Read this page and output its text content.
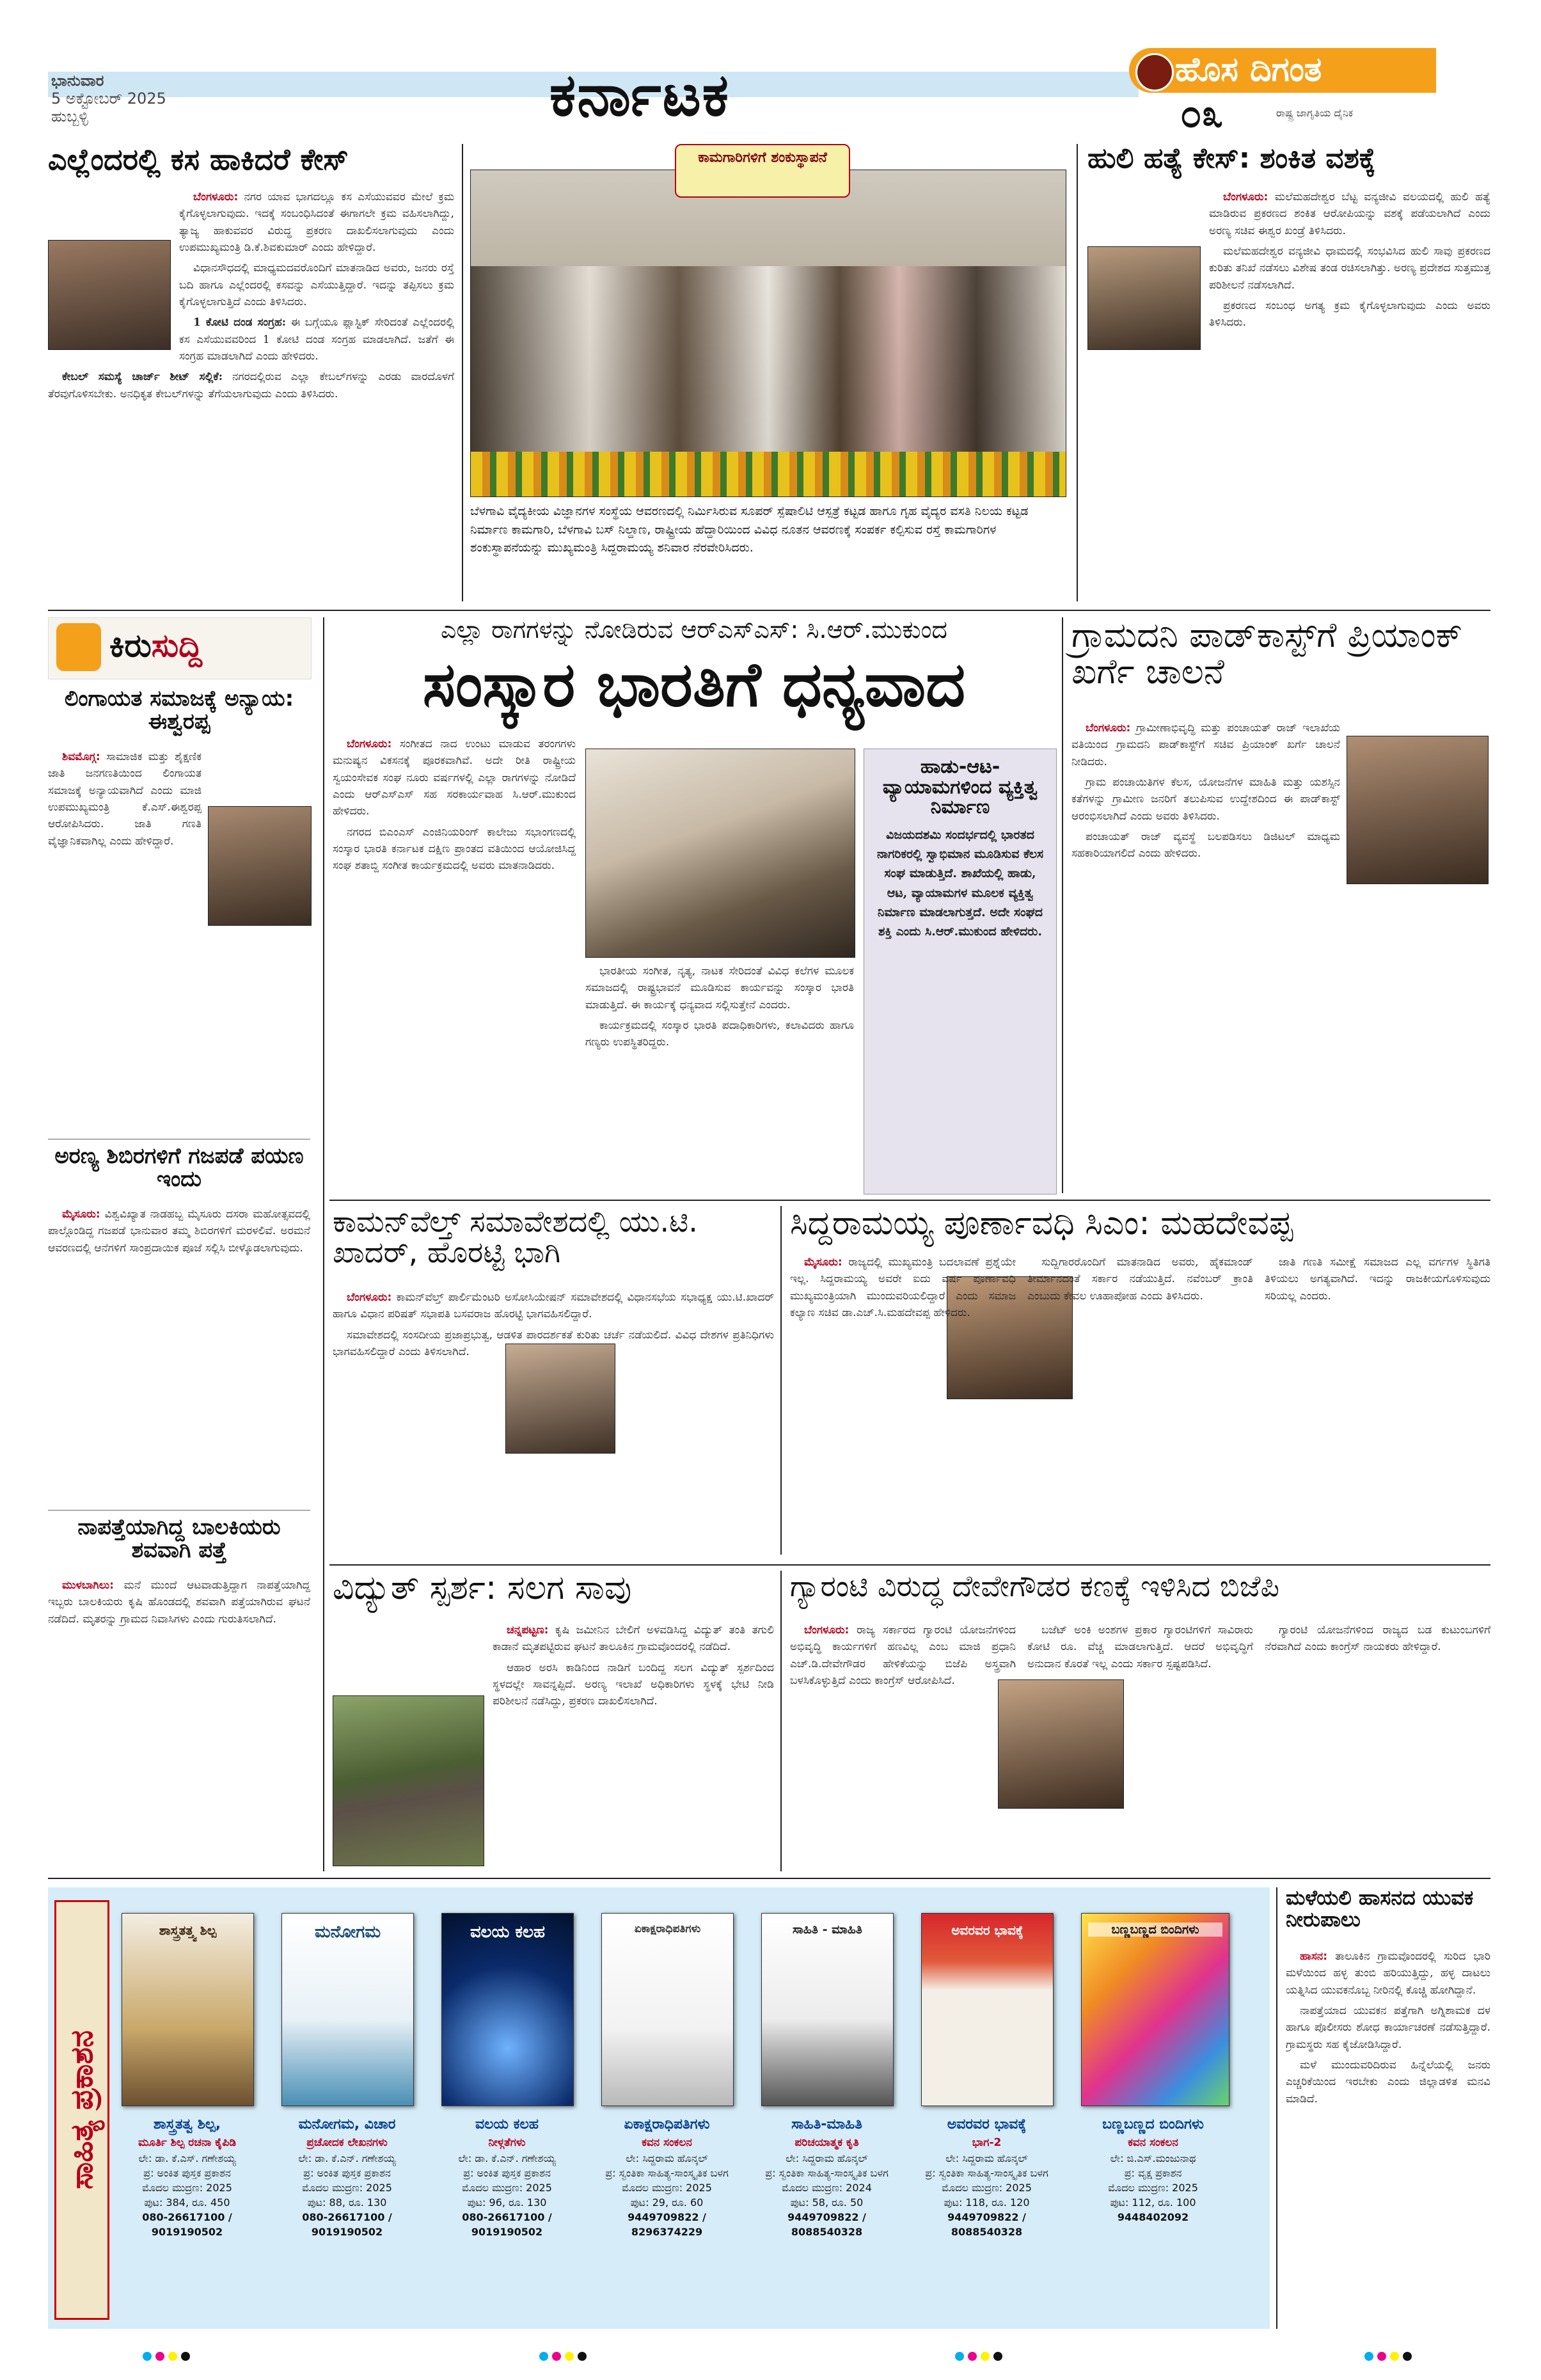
ಭಾನುವಾರ
5 ಅಕ್ಟೋಬರ್ 2025
ಹುಬ್ಬಳ್ಳಿ	ಕರ್ನಾಟಕ	ಹೊಸ ದಿಗಂತ
೦೩	ರಾಷ್ಟ್ರ ಜಾಗೃತಿಯ ದೈನಿಕ
ಎಲ್ಲೆಂದರಲ್ಲಿ ಕಸ ಹಾಕಿದರೆ ಕೇಸ್

ಬೆಂಗಳೂರು: ನಗರ ಯಾವ ಭಾಗದಲ್ಲೂ ಕಸ ಎಸೆಯುವವರ ಮೇಲೆ ಕ್ರಮ ಕೈಗೊಳ್ಳಲಾಗುವುದು. ಇದಕ್ಕೆ ಸಂಬಂಧಿಸಿದಂತೆ ಈಗಾಗಲೇ ಕ್ರಮ ವಹಿಸಲಾಗಿದ್ದು, ತ್ಯಾಜ್ಯ ಹಾಕುವವರ ವಿರುದ್ಧ ಪ್ರಕರಣ ದಾಖಲಿಸಲಾಗುವುದು ಎಂದು ಉಪಮುಖ್ಯಮಂತ್ರಿ ಡಿ.ಕೆ.ಶಿವಕುಮಾರ್ ಎಂದು ಹೇಳಿದ್ದಾರೆ.

ವಿಧಾನಸೌಧದಲ್ಲಿ ಮಾಧ್ಯಮದವರೊಂದಿಗೆ ಮಾತನಾಡಿದ ಅವರು, ಜನರು ರಸ್ತೆ ಬದಿ ಹಾಗೂ ಎಲ್ಲೆಂದರಲ್ಲಿ ಕಸವನ್ನು ಎಸೆಯುತ್ತಿದ್ದಾರೆ. ಇದನ್ನು ತಪ್ಪಿಸಲು ಕ್ರಮ ಕೈಗೊಳ್ಳಲಾಗುತ್ತಿದೆ ಎಂದು ತಿಳಿಸಿದರು.

1 ಕೋಟಿ ದಂಡ ಸಂಗ್ರಹ: ಈ ಬಗ್ಗೆಯೂ ಪ್ಲಾಸ್ಟಿಕ್ ಸೇರಿದಂತೆ ಎಲ್ಲೆಂದರಲ್ಲಿ ಕಸ ಎಸೆಯುವವರಿಂದ 1 ಕೋಟಿ ದಂಡ ಸಂಗ್ರಹ ಮಾಡಲಾಗಿದೆ. ಜತೆಗೆ ಈ ಸಂಗ್ರಹ ಮಾಡಲಾಗಿದೆ ಎಂದು ಹೇಳಿದರು.

ಕೇಬಲ್ ಸಮಸ್ಯೆ ಚಾರ್ಜ್ ಶೀಟ್ ಸಲ್ಲಿಕೆ: ನಗರದಲ್ಲಿರುವ ಎಲ್ಲಾ ಕೇಬಲ್‌ಗಳನ್ನು ಎರಡು ವಾರದೊಳಗೆ ತೆರವುಗೊಳಿಸಬೇಕು. ಅನಧಿಕೃತ ಕೇಬಲ್‌ಗಳನ್ನು ತೆಗೆಯಲಾಗುವುದು ಎಂದು ತಿಳಿಸಿದರು.

ಕಾಮಗಾರಿಗಳಿಗೆ ಶಂಕುಸ್ಥಾಪನೆ
ಬೆಳಗಾವಿ ವೈದ್ಯಕೀಯ ವಿಜ್ಞಾನಗಳ ಸಂಸ್ಥೆಯ ಆವರಣದಲ್ಲಿ ನಿರ್ಮಿಸಿರುವ ಸೂಪರ್ ಸ್ಪೆಷಾಲಿಟಿ ಆಸ್ಪತ್ರೆ ಕಟ್ಟಡ ಹಾಗೂ ಗೃಹ ವೈದ್ಯರ ವಸತಿ ನಿಲಯ ಕಟ್ಟಡ ನಿರ್ಮಾಣ ಕಾಮಗಾರಿ, ಬೆಳಗಾವಿ ಬಸ್ ನಿಲ್ದಾಣ, ರಾಷ್ಟ್ರೀಯ ಹೆದ್ದಾರಿಯಿಂದ ವಿವಿಧ ನೂತನ ಆವರಣಕ್ಕೆ ಸಂಪರ್ಕ ಕಲ್ಪಿಸುವ ರಸ್ತೆ ಕಾಮಗಾರಿಗಳ ಶಂಕುಸ್ಥಾಪನೆಯನ್ನು ಮುಖ್ಯಮಂತ್ರಿ ಸಿದ್ದರಾಮಯ್ಯ ಶನಿವಾರ ನೆರವೇರಿಸಿದರು.
ಹುಲಿ ಹತ್ಯೆ ಕೇಸ್: ಶಂಕಿತ ವಶಕ್ಕೆ

ಬೆಂಗಳೂರು: ಮಲೆಮಹದೇಶ್ವರ ಬೆಟ್ಟ ವನ್ಯಜೀವಿ ವಲಯದಲ್ಲಿ ಹುಲಿ ಹತ್ಯೆ ಮಾಡಿರುವ ಪ್ರಕರಣದ ಶಂಕಿತ ಆರೋಪಿಯನ್ನು ವಶಕ್ಕೆ ಪಡೆಯಲಾಗಿದೆ ಎಂದು ಅರಣ್ಯ ಸಚಿವ ಈಶ್ವರ ಖಂಡ್ರೆ ತಿಳಿಸಿದರು.

ಮಲೆಮಹದೇಶ್ವರ ವನ್ಯಜೀವಿ ಧಾಮದಲ್ಲಿ ಸಂಭವಿಸಿದ ಹುಲಿ ಸಾವು ಪ್ರಕರಣದ ಕುರಿತು ತನಿಖೆ ನಡೆಸಲು ವಿಶೇಷ ತಂಡ ರಚಿಸಲಾಗಿತ್ತು. ಅರಣ್ಯ ಪ್ರದೇಶದ ಸುತ್ತಮುತ್ತ ಪರಿಶೀಲನೆ ನಡೆಸಲಾಗಿದೆ.

ಪ್ರಕರಣದ ಸಂಬಂಧ ಅಗತ್ಯ ಕ್ರಮ ಕೈಗೊಳ್ಳಲಾಗುವುದು ಎಂದು ಅವರು ತಿಳಿಸಿದರು.

ಕಿರುಸುದ್ದಿ
ಲಿಂಗಾಯತ ಸಮಾಜಕ್ಕೆ ಅನ್ಯಾಯ: ಈಶ್ವರಪ್ಪ

ಶಿವಮೊಗ್ಗ: ಸಾಮಾಜಿಕ ಮತ್ತು ಶೈಕ್ಷಣಿಕ ಜಾತಿ ಜನಗಣತಿಯಿಂದ ಲಿಂಗಾಯತ ಸಮಾಜಕ್ಕೆ ಅನ್ಯಾಯವಾಗಿದೆ ಎಂದು ಮಾಜಿ ಉಪಮುಖ್ಯಮಂತ್ರಿ ಕೆ.ಎಸ್.ಈಶ್ವರಪ್ಪ ಆರೋಪಿಸಿದರು. ಜಾತಿ ಗಣತಿ ವೈಜ್ಞಾನಿಕವಾಗಿಲ್ಲ ಎಂದು ಹೇಳಿದ್ದಾರೆ.

ಅರಣ್ಯ ಶಿಬಿರಗಳಿಗೆ ಗಜಪಡೆ ಪಯಣ ಇಂದು

ಮೈಸೂರು: ವಿಶ್ವವಿಖ್ಯಾತ ನಾಡಹಬ್ಬ ಮೈಸೂರು ದಸರಾ ಮಹೋತ್ಸವದಲ್ಲಿ ಪಾಲ್ಗೊಂಡಿದ್ದ ಗಜಪಡೆ ಭಾನುವಾರ ತಮ್ಮ ಶಿಬಿರಗಳಿಗೆ ಮರಳಲಿವೆ. ಅರಮನೆ ಆವರಣದಲ್ಲಿ ಆನೆಗಳಿಗೆ ಸಾಂಪ್ರದಾಯಿಕ ಪೂಜೆ ಸಲ್ಲಿಸಿ ಬೀಳ್ಕೊಡಲಾಗುವುದು.

ನಾಪತ್ತೆಯಾಗಿದ್ದ ಬಾಲಕಿಯರು ಶವವಾಗಿ ಪತ್ತೆ

ಮುಳಬಾಗಿಲು: ಮನೆ ಮುಂದೆ ಆಟವಾಡುತ್ತಿದ್ದಾಗ ನಾಪತ್ತೆಯಾಗಿದ್ದ ಇಬ್ಬರು ಬಾಲಕಿಯರು ಕೃಷಿ ಹೊಂಡದಲ್ಲಿ ಶವವಾಗಿ ಪತ್ತೆಯಾಗಿರುವ ಘಟನೆ ನಡೆದಿದೆ. ಮೃತರನ್ನು ಗ್ರಾಮದ ನಿವಾಸಿಗಳು ಎಂದು ಗುರುತಿಸಲಾಗಿದೆ.

ಎಲ್ಲಾ ರಾಗಗಳನ್ನು ನೋಡಿರುವ ಆರ್‌ಎಸ್‌ಎಸ್: ಸಿ.ಆರ್.ಮುಕುಂದ
ಸಂಸ್ಕಾರ ಭಾರತಿಗೆ ಧನ್ಯವಾದ

ಬೆಂಗಳೂರು: ಸಂಗೀತದ ನಾದ ಉಂಟು ಮಾಡುವ ತರಂಗಗಳು ಮನುಷ್ಯನ ವಿಕಸನಕ್ಕೆ ಪೂರಕವಾಗಿವೆ. ಅದೇ ರೀತಿ ರಾಷ್ಟ್ರೀಯ ಸ್ವಯಂಸೇವಕ ಸಂಘ ನೂರು ವರ್ಷಗಳಲ್ಲಿ ಎಲ್ಲಾ ರಾಗಗಳನ್ನು ನೋಡಿದೆ ಎಂದು ಆರ್‌ಎಸ್‌ಎಸ್ ಸಹ ಸರಕಾರ್ಯವಾಹ ಸಿ.ಆರ್.ಮುಕುಂದ ಹೇಳಿದರು.

ನಗರದ ಬಿಎಂಎಸ್ ಎಂಜಿನಿಯರಿಂಗ್ ಕಾಲೇಜು ಸಭಾಂಗಣದಲ್ಲಿ ಸಂಸ್ಕಾರ ಭಾರತಿ ಕರ್ನಾಟಕ ದಕ್ಷಿಣ ಪ್ರಾಂತದ ವತಿಯಿಂದ ಆಯೋಜಿಸಿದ್ದ ಸಂಘ ಶತಾಬ್ದಿ ಸಂಗೀತ ಕಾರ್ಯಕ್ರಮದಲ್ಲಿ ಅವರು ಮಾತನಾಡಿದರು.

ಭಾರತೀಯ ಸಂಗೀತ, ನೃತ್ಯ, ನಾಟಕ ಸೇರಿದಂತೆ ವಿವಿಧ ಕಲೆಗಳ ಮೂಲಕ ಸಮಾಜದಲ್ಲಿ ರಾಷ್ಟ್ರಭಾವನೆ ಮೂಡಿಸುವ ಕಾರ್ಯವನ್ನು ಸಂಸ್ಕಾರ ಭಾರತಿ ಮಾಡುತ್ತಿದೆ. ಈ ಕಾರ್ಯಕ್ಕೆ ಧನ್ಯವಾದ ಸಲ್ಲಿಸುತ್ತೇನೆ ಎಂದರು.

ಕಾರ್ಯಕ್ರಮದಲ್ಲಿ ಸಂಸ್ಕಾರ ಭಾರತಿ ಪದಾಧಿಕಾರಿಗಳು, ಕಲಾವಿದರು ಹಾಗೂ ಗಣ್ಯರು ಉಪಸ್ಥಿತರಿದ್ದರು.

ಹಾಡು-ಆಟ-ವ್ಯಾಯಾಮಗಳಿಂದ ವ್ಯಕ್ತಿತ್ವ ನಿರ್ಮಾಣ
ವಿಜಯದಶಮಿ ಸಂದರ್ಭದಲ್ಲಿ ಭಾರತದ ನಾಗರಿಕರಲ್ಲಿ ಸ್ವಾಭಿಮಾನ ಮೂಡಿಸುವ ಕೆಲಸ ಸಂಘ ಮಾಡುತ್ತಿದೆ. ಶಾಖೆಯಲ್ಲಿ ಹಾಡು, ಆಟ, ವ್ಯಾಯಾಮಗಳ ಮೂಲಕ ವ್ಯಕ್ತಿತ್ವ ನಿರ್ಮಾಣ ಮಾಡಲಾಗುತ್ತದೆ. ಅದೇ ಸಂಘದ ಶಕ್ತಿ ಎಂದು ಸಿ.ಆರ್.ಮುಕುಂದ ಹೇಳಿದರು.
ಗ್ರಾಮದನಿ ಪಾಡ್‌ಕಾಸ್ಟ್‌ಗೆ ಪ್ರಿಯಾಂಕ್ ಖರ್ಗೆ ಚಾಲನೆ

ಬೆಂಗಳೂರು: ಗ್ರಾಮೀಣಾಭಿವೃದ್ಧಿ ಮತ್ತು ಪಂಚಾಯತ್ ರಾಜ್ ಇಲಾಖೆಯ ವತಿಯಿಂದ ಗ್ರಾಮದನಿ ಪಾಡ್‌ಕಾಸ್ಟ್‌ಗೆ ಸಚಿವ ಪ್ರಿಯಾಂಕ್ ಖರ್ಗೆ ಚಾಲನೆ ನೀಡಿದರು.

ಗ್ರಾಮ ಪಂಚಾಯಿತಿಗಳ ಕೆಲಸ, ಯೋಜನೆಗಳ ಮಾಹಿತಿ ಮತ್ತು ಯಶಸ್ಸಿನ ಕತೆಗಳನ್ನು ಗ್ರಾಮೀಣ ಜನರಿಗೆ ತಲುಪಿಸುವ ಉದ್ದೇಶದಿಂದ ಈ ಪಾಡ್‌ಕಾಸ್ಟ್ ಆರಂಭಿಸಲಾಗಿದೆ ಎಂದು ಅವರು ತಿಳಿಸಿದರು.

ಪಂಚಾಯತ್ ರಾಜ್ ವ್ಯವಸ್ಥೆ ಬಲಪಡಿಸಲು ಡಿಜಿಟಲ್ ಮಾಧ್ಯಮ ಸಹಕಾರಿಯಾಗಲಿದೆ ಎಂದು ಹೇಳಿದರು.

ಕಾಮನ್‌ವೆಲ್ತ್ ಸಮಾವೇಶದಲ್ಲಿ ಯು.ಟಿ. ಖಾದರ್, ಹೊರಟ್ಟಿ ಭಾಗಿ

ಬೆಂಗಳೂರು: ಕಾಮನ್‌ವೆಲ್ತ್ ಪಾರ್ಲಿಮೆಂಟರಿ ಅಸೋಸಿಯೇಷನ್ ಸಮಾವೇಶದಲ್ಲಿ ವಿಧಾನಸಭೆಯ ಸಭಾಧ್ಯಕ್ಷ ಯು.ಟಿ.ಖಾದರ್ ಹಾಗೂ ವಿಧಾನ ಪರಿಷತ್ ಸಭಾಪತಿ ಬಸವರಾಜ ಹೊರಟ್ಟಿ ಭಾಗವಹಿಸಲಿದ್ದಾರೆ.

ಸಮಾವೇಶದಲ್ಲಿ ಸಂಸದೀಯ ಪ್ರಜಾಪ್ರಭುತ್ವ, ಆಡಳಿತ ಪಾರದರ್ಶಕತೆ ಕುರಿತು ಚರ್ಚೆ ನಡೆಯಲಿದೆ. ವಿವಿಧ ದೇಶಗಳ ಪ್ರತಿನಿಧಿಗಳು ಭಾಗವಹಿಸಲಿದ್ದಾರೆ ಎಂದು ತಿಳಿಸಲಾಗಿದೆ.

ಸಿದ್ದರಾಮಯ್ಯ ಪೂರ್ಣಾವಧಿ ಸಿಎಂ: ಮಹದೇವಪ್ಪ

ಮೈಸೂರು: ರಾಜ್ಯದಲ್ಲಿ ಮುಖ್ಯಮಂತ್ರಿ ಬದಲಾವಣೆ ಪ್ರಶ್ನೆಯೇ ಇಲ್ಲ. ಸಿದ್ದರಾಮಯ್ಯ ಅವರೇ ಐದು ವರ್ಷ ಪೂರ್ಣಾವಧಿ ಮುಖ್ಯಮಂತ್ರಿಯಾಗಿ ಮುಂದುವರಿಯಲಿದ್ದಾರೆ ಎಂದು ಸಮಾಜ ಕಲ್ಯಾಣ ಸಚಿವ ಡಾ.ಎಚ್.ಸಿ.ಮಹದೇವಪ್ಪ ಹೇಳಿದರು.

ಸುದ್ದಿಗಾರರೊಂದಿಗೆ ಮಾತನಾಡಿದ ಅವರು, ಹೈಕಮಾಂಡ್ ತೀರ್ಮಾನದಂತೆ ಸರ್ಕಾರ ನಡೆಯುತ್ತಿದೆ. ನವೆಂಬರ್ ಕ್ರಾಂತಿ ಎಂಬುದು ಕೇವಲ ಊಹಾಪೋಹ ಎಂದು ತಿಳಿಸಿದರು.

ಜಾತಿ ಗಣತಿ ಸಮೀಕ್ಷೆ ಸಮಾಜದ ಎಲ್ಲ ವರ್ಗಗಳ ಸ್ಥಿತಿಗತಿ ತಿಳಿಯಲು ಅಗತ್ಯವಾಗಿದೆ. ಇದನ್ನು ರಾಜಕೀಯಗೊಳಿಸುವುದು ಸರಿಯಲ್ಲ ಎಂದರು.

ವಿದ್ಯುತ್ ಸ್ಪರ್ಶ: ಸಲಗ ಸಾವು

ಚನ್ನಪಟ್ಟಣ: ಕೃಷಿ ಜಮೀನಿನ ಬೇಲಿಗೆ ಅಳವಡಿಸಿದ್ದ ವಿದ್ಯುತ್ ತಂತಿ ತಗುಲಿ ಕಾಡಾನೆ ಮೃತಪಟ್ಟಿರುವ ಘಟನೆ ತಾಲೂಕಿನ ಗ್ರಾಮವೊಂದರಲ್ಲಿ ನಡೆದಿದೆ.

ಆಹಾರ ಅರಸಿ ಕಾಡಿನಿಂದ ನಾಡಿಗೆ ಬಂದಿದ್ದ ಸಲಗ ವಿದ್ಯುತ್ ಸ್ಪರ್ಶದಿಂದ ಸ್ಥಳದಲ್ಲೇ ಸಾವನ್ನಪ್ಪಿದೆ. ಅರಣ್ಯ ಇಲಾಖೆ ಅಧಿಕಾರಿಗಳು ಸ್ಥಳಕ್ಕೆ ಭೇಟಿ ನೀಡಿ ಪರಿಶೀಲನೆ ನಡೆಸಿದ್ದು, ಪ್ರಕರಣ ದಾಖಲಿಸಲಾಗಿದೆ.

ಗ್ಯಾರಂಟಿ ವಿರುದ್ಧ ದೇವೇಗೌಡರ ಕಣಕ್ಕೆ ಇಳಿಸಿದ ಬಿಜೆಪಿ

ಬೆಂಗಳೂರು: ರಾಜ್ಯ ಸರ್ಕಾರದ ಗ್ಯಾರಂಟಿ ಯೋಜನೆಗಳಿಂದ ಅಭಿವೃದ್ಧಿ ಕಾರ್ಯಗಳಿಗೆ ಹಣವಿಲ್ಲ ಎಂಬ ಮಾಜಿ ಪ್ರಧಾನಿ ಎಚ್.ಡಿ.ದೇವೇಗೌಡರ ಹೇಳಿಕೆಯನ್ನು ಬಿಜೆಪಿ ಅಸ್ತ್ರವಾಗಿ ಬಳಸಿಕೊಳ್ಳುತ್ತಿದೆ ಎಂದು ಕಾಂಗ್ರೆಸ್ ಆರೋಪಿಸಿದೆ.

ಬಜೆಟ್ ಅಂಕಿ ಅಂಶಗಳ ಪ್ರಕಾರ ಗ್ಯಾರಂಟಿಗಳಿಗೆ ಸಾವಿರಾರು ಕೋಟಿ ರೂ. ವೆಚ್ಚ ಮಾಡಲಾಗುತ್ತಿದೆ. ಆದರೆ ಅಭಿವೃದ್ಧಿಗೆ ಅನುದಾನ ಕೊರತೆ ಇಲ್ಲ ಎಂದು ಸರ್ಕಾರ ಸ್ಪಷ್ಟಪಡಿಸಿದೆ.

ಗ್ಯಾರಂಟಿ ಯೋಜನೆಗಳಿಂದ ರಾಜ್ಯದ ಬಡ ಕುಟುಂಬಗಳಿಗೆ ನೆರವಾಗಿದೆ ಎಂದು ಕಾಂಗ್ರೆಸ್ ನಾಯಕರು ಹೇಳಿದ್ದಾರೆ.

ಸಾಹಿತ್ಯ ಪ್ರಕಾಶನ
ಶಾಸ್ತ್ರತತ್ತ್ವ ಶಿಲ್ಪ
ಶಾಸ್ತ್ರತತ್ವ ಶಿಲ್ಪ,
ಮೂರ್ತಿ ಶಿಲ್ಪ ರಚನಾ ಕೈಪಿಡಿ
ಲೇ: ಡಾ. ಕೆ.ಎಸ್. ಗಣೇಶಯ್ಯ
ಪ್ರ: ಅಂಕಿತ ಪುಸ್ತಕ ಪ್ರಕಾಶನ
ಮೊದಲ ಮುದ್ರಣ: 2025
ಪುಟ: 384, ರೂ. 450
080-26617100 / 9019190502
ಮನೋಗಮ
ಮನೋಗಮ, ವಿಚಾರ
ಪ್ರಚೋದಕ ಲೇಖನಗಳು
ಲೇ: ಡಾ. ಕೆ.ಎನ್. ಗಣೇಶಯ್ಯ
ಪ್ರ: ಅಂಕಿತ ಪುಸ್ತಕ ಪ್ರಕಾಶನ
ಮೊದಲ ಮುದ್ರಣ: 2025
ಪುಟ: 88, ರೂ. 130
080-26617100 / 9019190502
ವಲಯ ಕಲಹ
ವಲಯ ಕಲಹ
ನೀಳ್ಗತೆಗಳು
ಲೇ: ಡಾ. ಕೆ.ಎನ್. ಗಣೇಶಯ್ಯ
ಪ್ರ: ಅಂಕಿತ ಪುಸ್ತಕ ಪ್ರಕಾಶನ
ಮೊದಲ ಮುದ್ರಣ: 2025
ಪುಟ: 96, ರೂ. 130
080-26617100 / 9019190502
ಏಕಾಕ್ಷರಾಧಿಪತಿಗಳು
ಏಕಾಕ್ಷರಾಧಿಪತಿಗಳು
ಕವನ ಸಂಕಲನ
ಲೇ: ಸಿದ್ದರಾಮ ಹೊನ್ಕಲ್
ಪ್ರ: ಸ್ವಂತಿಕಾ ಸಾಹಿತ್ಯ-ಸಾಂಸ್ಕೃತಿಕ ಬಳಗ
ಮೊದಲ ಮುದ್ರಣ: 2025
ಪುಟ: 29, ರೂ. 60
9449709822 / 8296374229
ಸಾಹಿತಿ - ಮಾಹಿತಿ
ಸಾಹಿತಿ-ಮಾಹಿತಿ
ಪರಿಚಯಾತ್ಮಕ ಕೃತಿ
ಲೇ: ಸಿದ್ದರಾಮ ಹೊನ್ಕಲ್
ಪ್ರ: ಸ್ವಂತಿಕಾ ಸಾಹಿತ್ಯ-ಸಾಂಸ್ಕೃತಿಕ ಬಳಗ
ಮೊದಲ ಮುದ್ರಣ: 2024
ಪುಟ: 58, ರೂ. 50
9449709822 / 8088540328
ಅವರವರ ಭಾವಕ್ಕೆ
ಅವರವರ ಭಾವಕ್ಕೆ
ಭಾಗ-2
ಲೇ: ಸಿದ್ದರಾಮ ಹೊನ್ಕಲ್
ಪ್ರ: ಸ್ವಂತಿಕಾ ಸಾಹಿತ್ಯ-ಸಾಂಸ್ಕೃತಿಕ ಬಳಗ
ಮೊದಲ ಮುದ್ರಣ: 2025
ಪುಟ: 118, ರೂ. 120
9449709822 / 8088540328
ಬಣ್ಣಬಣ್ಣದ ಬಿಂದಿಗಳು
ಬಣ್ಣಬಣ್ಣದ ಬಿಂದಿಗಳು
ಕವನ ಸಂಕಲನ
ಲೇ: ಜಿ.ಎಸ್.ಮಂಜುನಾಥ
ಪ್ರ: ವೃಕ್ಷ ಪ್ರಕಾಶನ
ಮೊದಲ ಮುದ್ರಣ: 2025
ಪುಟ: 112, ರೂ. 100
9448402092
ಮಳೆಯಲಿ ಹಾಸನದ ಯುವಕ ನೀರುಪಾಲು

ಹಾಸನ: ತಾಲೂಕಿನ ಗ್ರಾಮವೊಂದರಲ್ಲಿ ಸುರಿದ ಭಾರಿ ಮಳೆಯಿಂದ ಹಳ್ಳ ತುಂಬಿ ಹರಿಯುತ್ತಿದ್ದು, ಹಳ್ಳ ದಾಟಲು ಯತ್ನಿಸಿದ ಯುವಕನೊಬ್ಬ ನೀರಿನಲ್ಲಿ ಕೊಚ್ಚಿ ಹೋಗಿದ್ದಾನೆ.

ನಾಪತ್ತೆಯಾದ ಯುವಕನ ಪತ್ತೆಗಾಗಿ ಅಗ್ನಿಶಾಮಕ ದಳ ಹಾಗೂ ಪೊಲೀಸರು ಶೋಧ ಕಾರ್ಯಾಚರಣೆ ನಡೆಸುತ್ತಿದ್ದಾರೆ. ಗ್ರಾಮಸ್ಥರು ಸಹ ಕೈಜೋಡಿಸಿದ್ದಾರೆ.

ಮಳೆ ಮುಂದುವರಿದಿರುವ ಹಿನ್ನೆಲೆಯಲ್ಲಿ ಜನರು ಎಚ್ಚರಿಕೆಯಿಂದ ಇರಬೇಕು ಎಂದು ಜಿಲ್ಲಾಡಳಿತ ಮನವಿ ಮಾಡಿದೆ.
